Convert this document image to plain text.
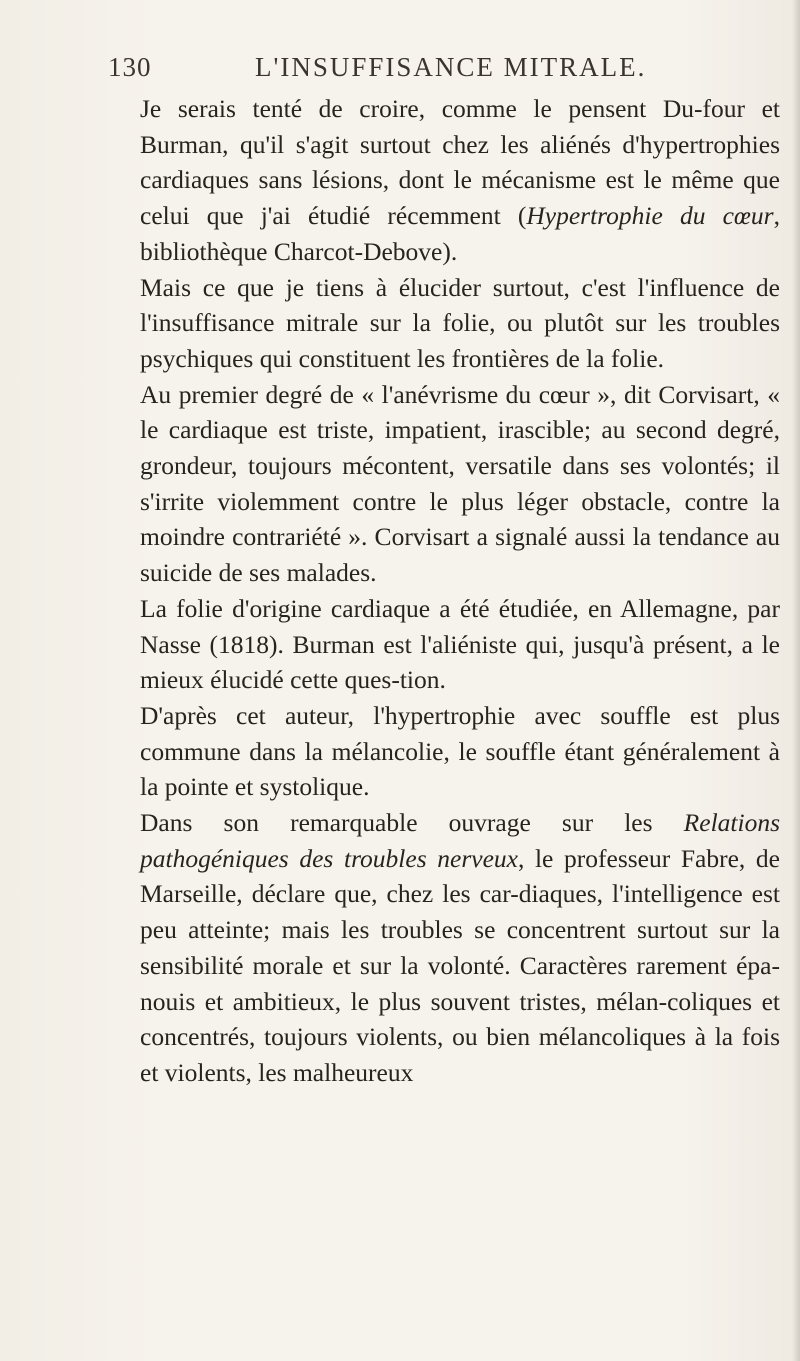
130	L'INSUFFISANCE MITRALE.

Je serais tenté de croire, comme le pensent Du-four et Burman, qu'il s'agit surtout chez les aliénés d'hypertrophies cardiaques sans lésions, dont le mécanisme est le même que celui que j'ai étudié récemment (Hypertrophie du cœur, bibliothèque Charcot-Debove).

Mais ce que je tiens à élucider surtout, c'est l'influence de l'insuffisance mitrale sur la folie, ou plutôt sur les troubles psychiques qui constituent les frontières de la folie.

Au premier degré de « l'anévrisme du cœur », dit Corvisart, « le cardiaque est triste, impatient, irascible; au second degré, grondeur, toujours mécontent, versatile dans ses volontés; il s'irrite violemment contre le plus léger obstacle, contre la moindre contrariété ». Corvisart a signalé aussi la tendance au suicide de ses malades.

La folie d'origine cardiaque a été étudiée, en Allemagne, par Nasse (1818). Burman est l'aliéniste qui, jusqu'à présent, a le mieux élucidé cette ques-tion.

D'après cet auteur, l'hypertrophie avec souffle est plus commune dans la mélancolie, le souffle étant généralement à la pointe et systolique.

Dans son remarquable ouvrage sur les Relations pathogéniques des troubles nerveux, le professeur Fabre, de Marseille, déclare que, chez les car-diaques, l'intelligence est peu atteinte; mais les troubles se concentrent surtout sur la sensibilité morale et sur la volonté. Caractères rarement épa-nouis et ambitieux, le plus souvent tristes, mélan-coliques et concentrés, toujours violents, ou bien mélancoliques à la fois et violents, les malheureux
